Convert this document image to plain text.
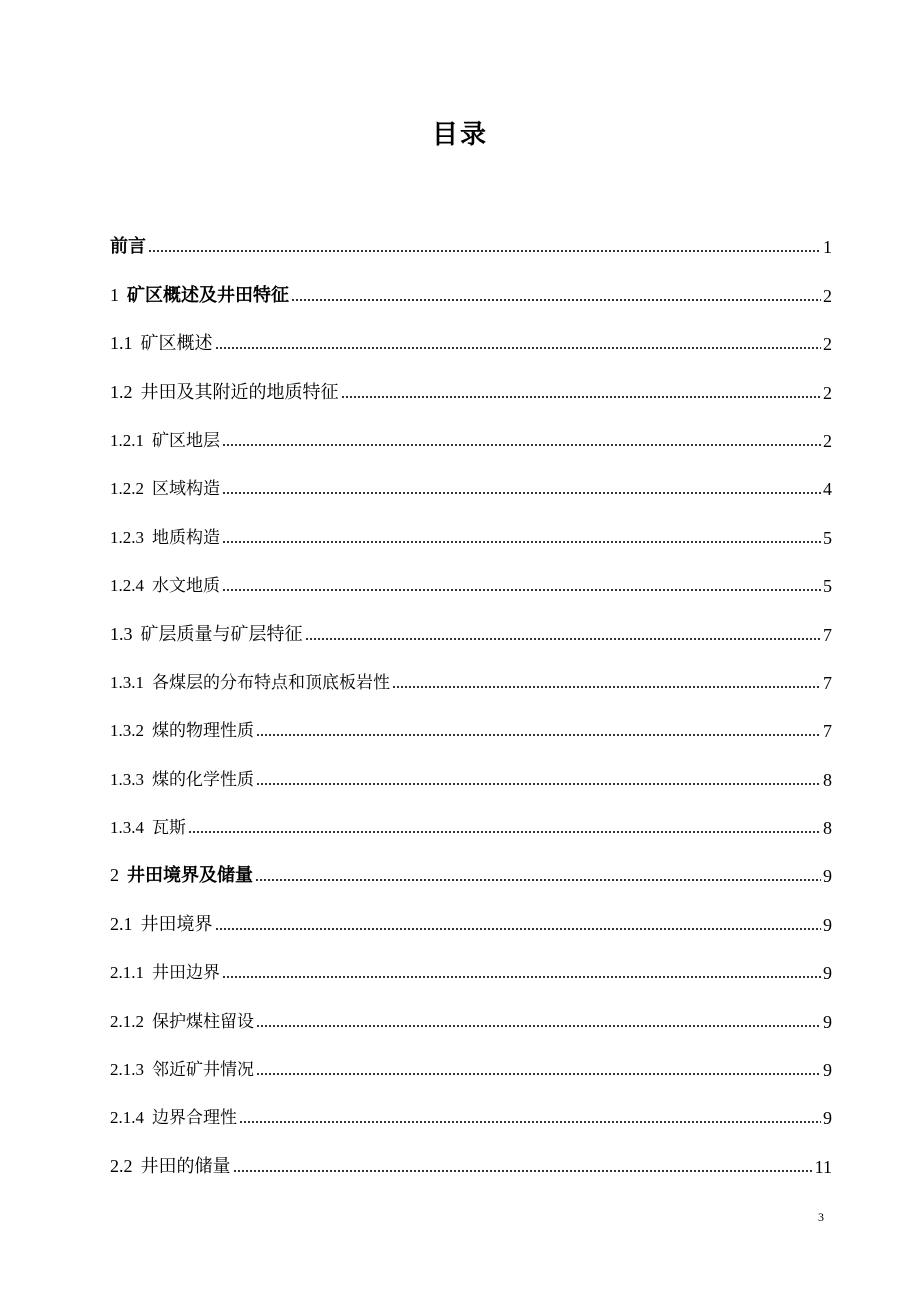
目录
前言	1
1 矿区概述及井田特征	2
1.1 矿区概述	2
1.2 井田及其附近的地质特征	2
1.2.1 矿区地层	2
1.2.2 区域构造	4
1.2.3 地质构造	5
1.2.4 水文地质	5
1.3 矿层质量与矿层特征	7
1.3.1 各煤层的分布特点和顶底板岩性	7
1.3.2 煤的物理性质	7
1.3.3 煤的化学性质	8
1.3.4 瓦斯	8
2 井田境界及储量	9
2.1 井田境界	9
2.1.1 井田边界	9
2.1.2 保护煤柱留设	9
2.1.3 邻近矿井情况	9
2.1.4 边界合理性	9
2.2 井田的储量	11
3
